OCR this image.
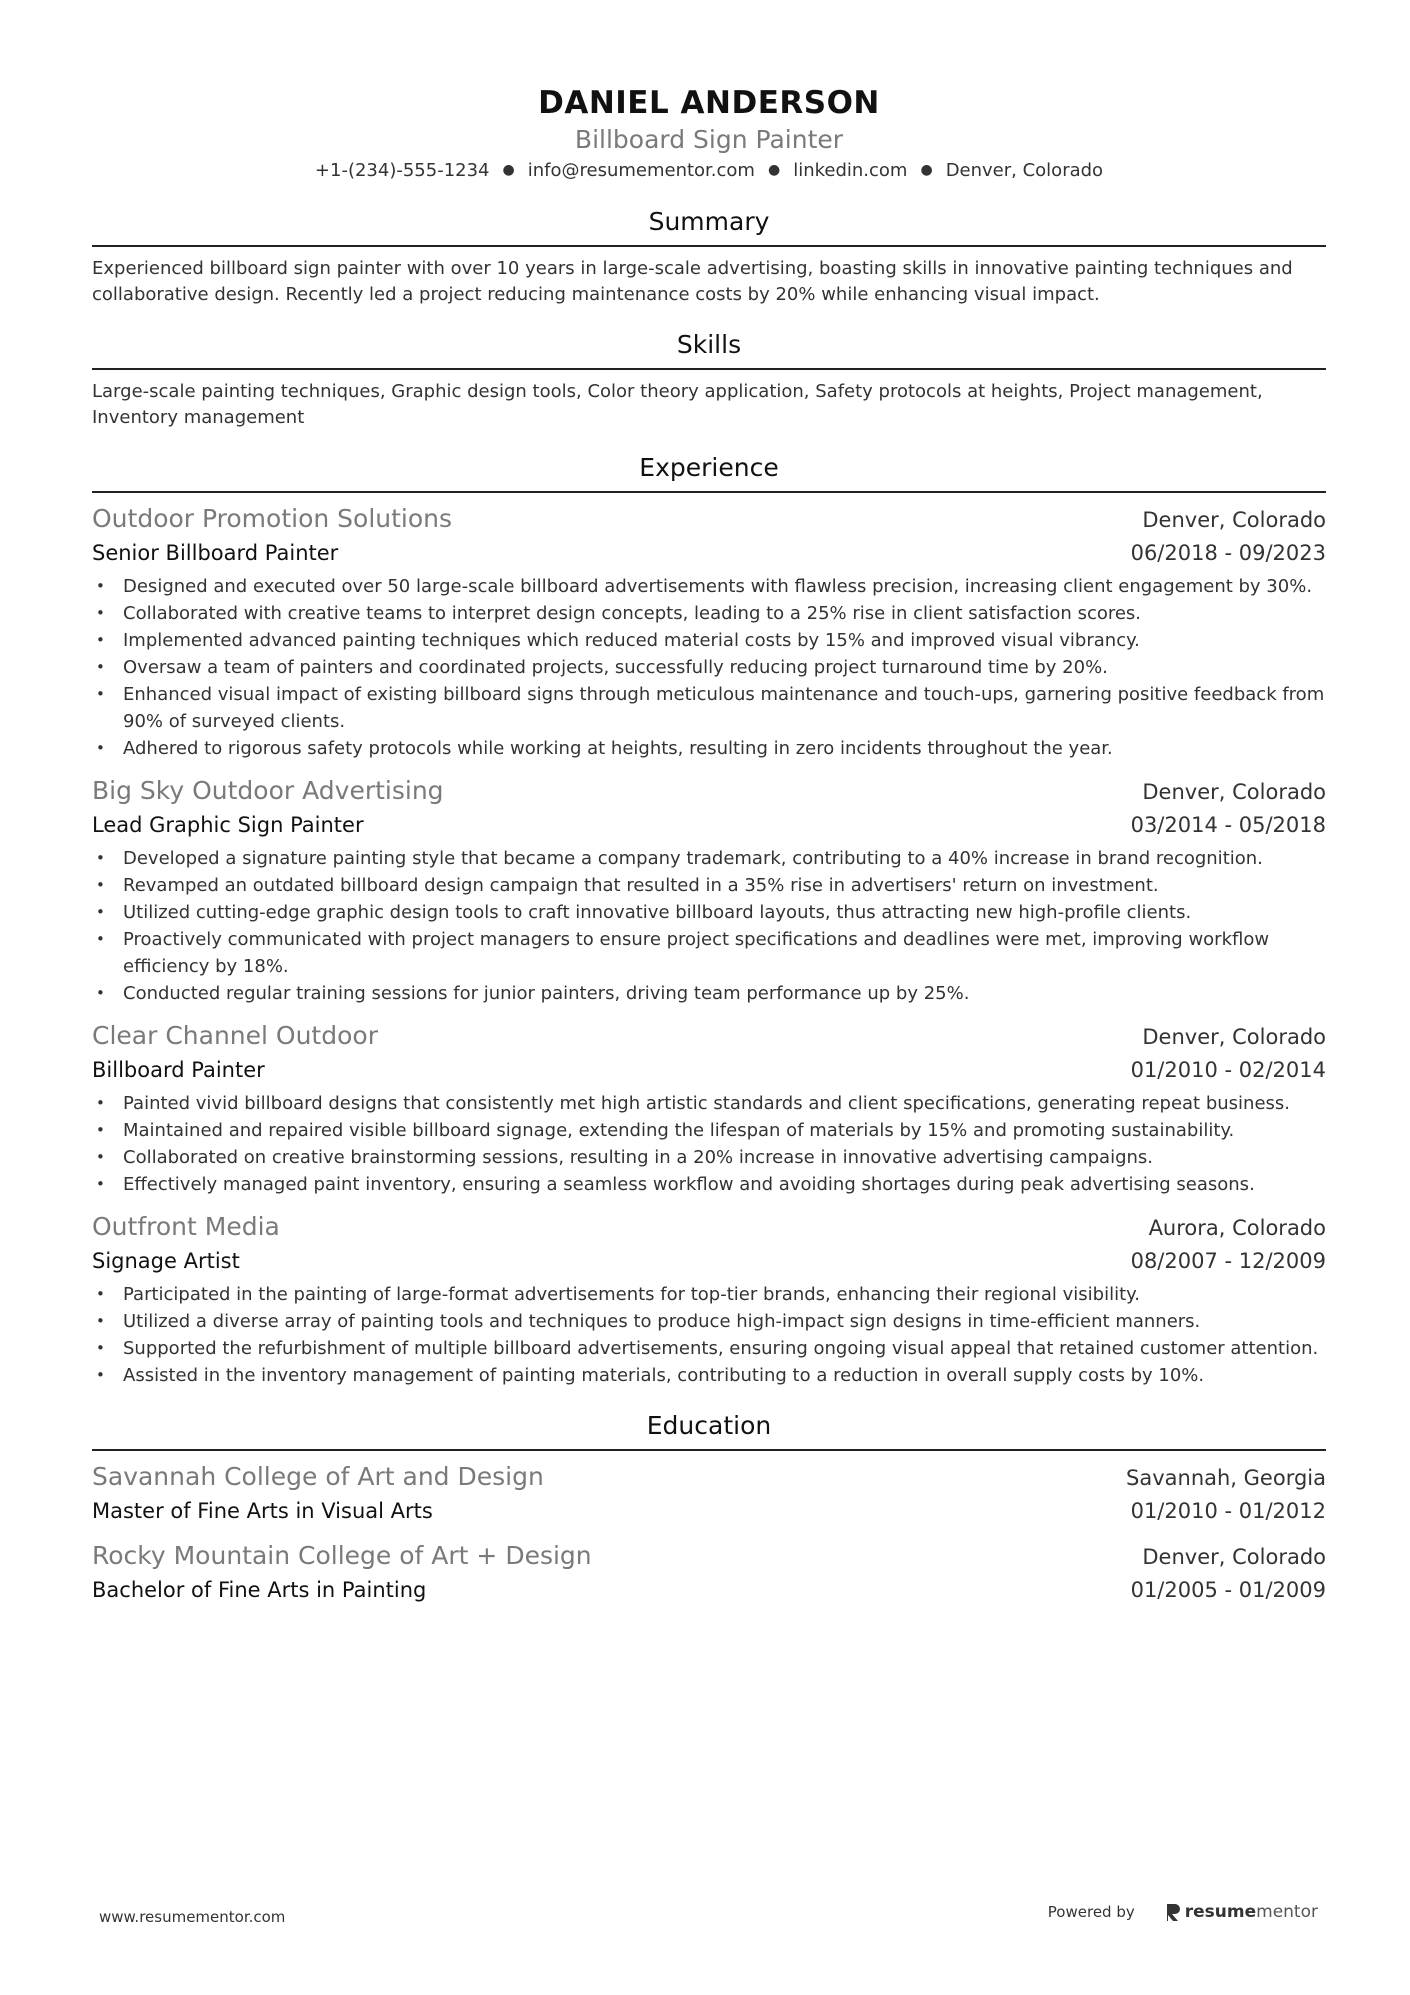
DANIEL ANDERSON
Billboard Sign Painter
+1-(234)-555-1234 ● info@resumementor.com ● linkedin.com ● Denver, Colorado
Summary
Experienced billboard sign painter with over 10 years in large-scale advertising, boasting skills in innovative painting techniques and collaborative design. Recently led a project reducing maintenance costs by 20% while enhancing visual impact.
Skills
Large-scale painting techniques, Graphic design tools, Color theory application, Safety protocols at heights, Project management, Inventory management
Experience
Outdoor Promotion Solutions	Denver, Colorado
Senior Billboard Painter	06/2018 - 09/2023
• Designed and executed over 50 large-scale billboard advertisements with flawless precision, increasing client engagement by 30%.
• Collaborated with creative teams to interpret design concepts, leading to a 25% rise in client satisfaction scores.
• Implemented advanced painting techniques which reduced material costs by 15% and improved visual vibrancy.
• Oversaw a team of painters and coordinated projects, successfully reducing project turnaround time by 20%.
• Enhanced visual impact of existing billboard signs through meticulous maintenance and touch-ups, garnering positive feedback from 90% of surveyed clients.
• Adhered to rigorous safety protocols while working at heights, resulting in zero incidents throughout the year.
Big Sky Outdoor Advertising	Denver, Colorado
Lead Graphic Sign Painter	03/2014 - 05/2018
• Developed a signature painting style that became a company trademark, contributing to a 40% increase in brand recognition.
• Revamped an outdated billboard design campaign that resulted in a 35% rise in advertisers' return on investment.
• Utilized cutting-edge graphic design tools to craft innovative billboard layouts, thus attracting new high-profile clients.
• Proactively communicated with project managers to ensure project specifications and deadlines were met, improving workflow efficiency by 18%.
• Conducted regular training sessions for junior painters, driving team performance up by 25%.
Clear Channel Outdoor	Denver, Colorado
Billboard Painter	01/2010 - 02/2014
• Painted vivid billboard designs that consistently met high artistic standards and client specifications, generating repeat business.
• Maintained and repaired visible billboard signage, extending the lifespan of materials by 15% and promoting sustainability.
• Collaborated on creative brainstorming sessions, resulting in a 20% increase in innovative advertising campaigns.
• Effectively managed paint inventory, ensuring a seamless workflow and avoiding shortages during peak advertising seasons.
Outfront Media	Aurora, Colorado
Signage Artist	08/2007 - 12/2009
• Participated in the painting of large-format advertisements for top-tier brands, enhancing their regional visibility.
• Utilized a diverse array of painting tools and techniques to produce high-impact sign designs in time-efficient manners.
• Supported the refurbishment of multiple billboard advertisements, ensuring ongoing visual appeal that retained customer attention.
• Assisted in the inventory management of painting materials, contributing to a reduction in overall supply costs by 10%.
Education
Savannah College of Art and Design	Savannah, Georgia
Master of Fine Arts in Visual Arts	01/2010 - 01/2012
Rocky Mountain College of Art + Design	Denver, Colorado
Bachelor of Fine Arts in Painting	01/2005 - 01/2009
www.resumementor.com	Powered by	resume mentor
